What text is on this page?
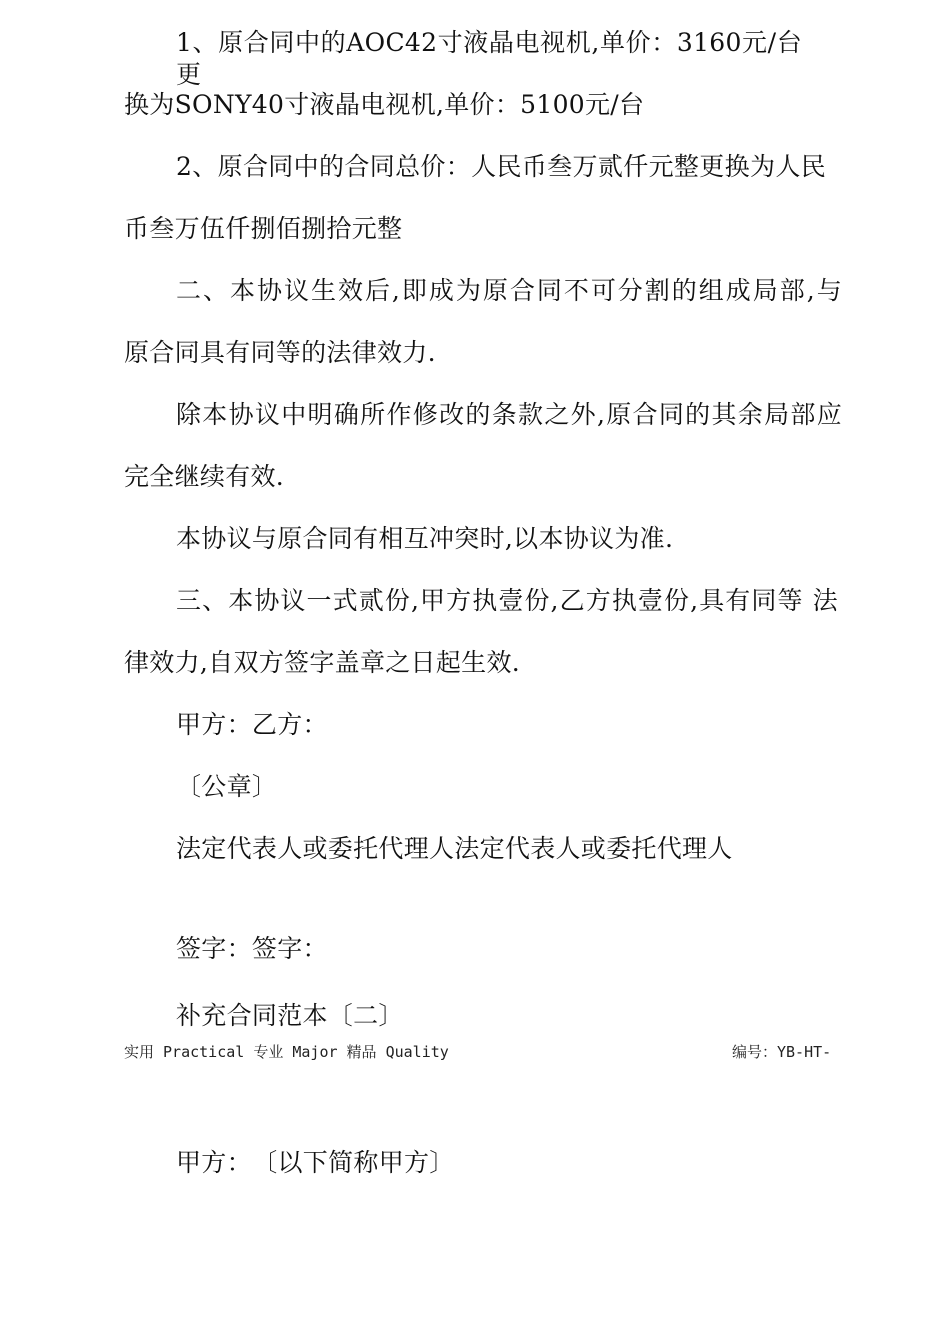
1、原合同中的AOC42寸液晶电视机,单价：3160元/台更
换为SONY40寸液晶电视机,单价：5100元/台
2、原合同中的合同总价：人民币叁万贰仟元整更换为人民
币叁万伍仟捌佰捌拾元整
二、本协议生效后,即成为原合同不可分割的组成局部,与
原合同具有同等的法律效力.
除本协议中明确所作修改的条款之外,原合同的其余局部应
完全继续有效.
本协议与原合同有相互冲突时,以本协议为准.
三、本协议一式贰份,甲方执壹份,乙方执壹份,具有同等 法
律效力,自双方签字盖章之日起生效.
甲方：乙方：
〔公章〕
法定代表人或委托代理人法定代表人或委托代理人
签字：签字：
补充合同范本〔二〕
实用 Practical 专业 Major 精品 Quality	编号：YB-HT-
甲方：　〔以下简称甲方〕
